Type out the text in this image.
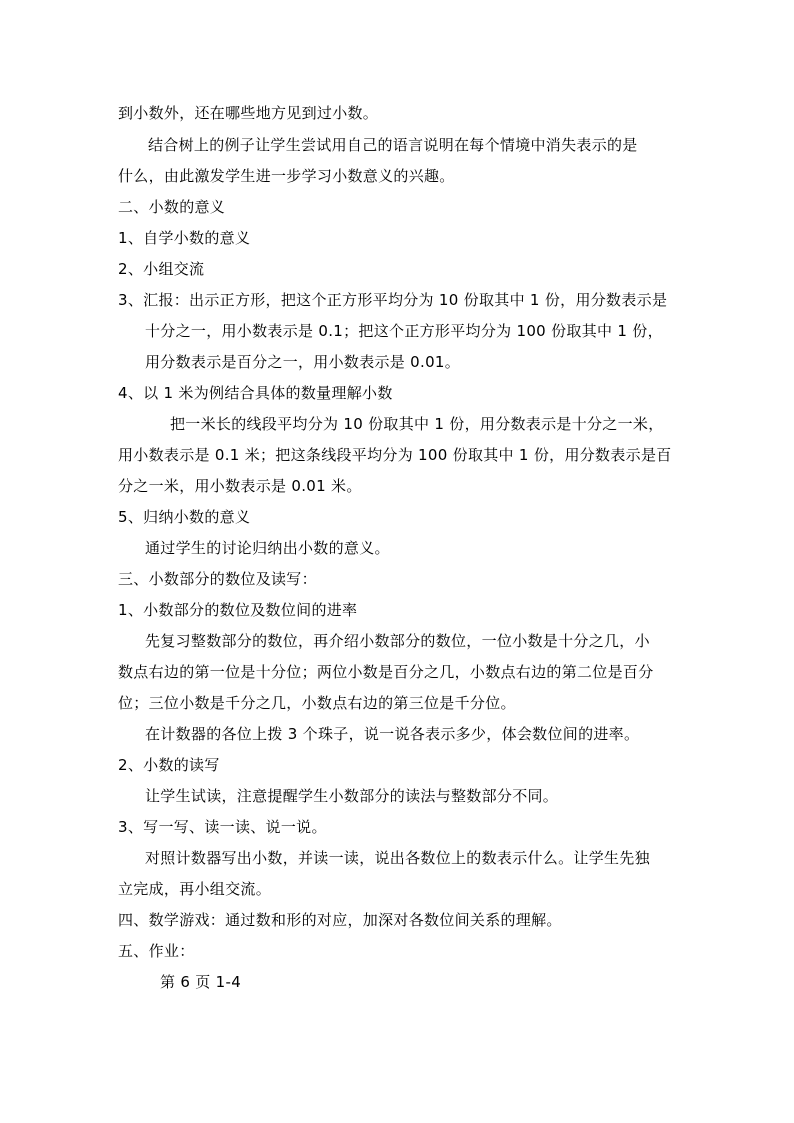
到小数外，还在哪些地方见到过小数。

结合树上的例子让学生尝试用自己的语言说明在每个情境中消失表示的是

什么，由此激发学生进一步学习小数意义的兴趣。

二、小数的意义

1、自学小数的意义

2、小组交流

3、汇报：出示正方形，把这个正方形平均分为 10 份取其中 1 份，用分数表示是

十分之一，用小数表示是 0.1；把这个正方形平均分为 100 份取其中 1 份，

用分数表示是百分之一，用小数表示是 0.01。

4、以 1 米为例结合具体的数量理解小数

把一米长的线段平均分为 10 份取其中 1 份，用分数表示是十分之一米，

用小数表示是 0.1 米；把这条线段平均分为 100 份取其中 1 份，用分数表示是百

分之一米，用小数表示是 0.01 米。

5、归纳小数的意义

通过学生的讨论归纳出小数的意义。

三、小数部分的数位及读写：

1、小数部分的数位及数位间的进率

先复习整数部分的数位，再介绍小数部分的数位，一位小数是十分之几，小

数点右边的第一位是十分位；两位小数是百分之几，小数点右边的第二位是百分

位；三位小数是千分之几，小数点右边的第三位是千分位。

在计数器的各位上拨 3 个珠子，说一说各表示多少，体会数位间的进率。

2、小数的读写

让学生试读，注意提醒学生小数部分的读法与整数部分不同。

3、写一写、读一读、说一说。

对照计数器写出小数，并读一读，说出各数位上的数表示什么。让学生先独

立完成，再小组交流。

四、数学游戏：通过数和形的对应，加深对各数位间关系的理解。

五、作业：

第 6 页 1-4
